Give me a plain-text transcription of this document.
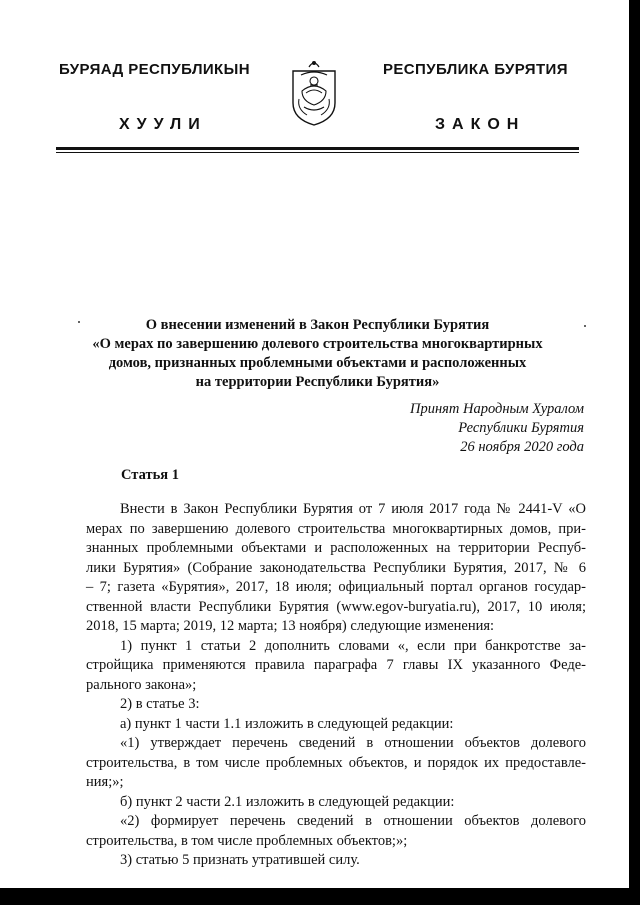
БУРЯАД РЕСПУБЛИКЫН
ХУУЛИ
РЕСПУБЛИКА БУРЯТИЯ
ЗАКОН
О внесении изменений в Закон Республики Бурятия
«О мерах по завершению долевого строительства многоквартирных
домов, признанных проблемными объектами и расположенных
на территории Республики Бурятия»
Принят Народным Хуралом
Республики Бурятия
26 ноября 2020 года
Статья 1
Внести в Закон Республики Бурятия от 7 июля 2017 года № 2441-V «О
мерах по завершению долевого строительства многоквартирных домов, при-
знанных проблемными объектами и расположенных на территории Респуб-
лики Бурятия» (Собрание законодательства Республики Бурятия, 2017, № 6
– 7; газета «Бурятия», 2017, 18 июля; официальный портал органов государ-
ственной власти Республики Бурятия (www.egov-buryatia.ru), 2017, 10 июля;
2018, 15 марта; 2019, 12 марта; 13 ноября) следующие изменения:
1) пункт 1 статьи 2 дополнить словами «, если при банкротстве за-
стройщика применяются правила параграфа 7 главы IX указанного Феде-
рального закона»;
2) в статье 3:
а) пункт 1 части 1.1 изложить в следующей редакции:
«1) утверждает перечень сведений в отношении объектов долевого
строительства, в том числе проблемных объектов, и порядок их предоставле-
ния;»;
б) пункт 2 части 2.1 изложить в следующей редакции:
«2) формирует перечень сведений в отношении объектов долевого
строительства, в том числе проблемных объектов;»;
3) статью 5 признать утратившей силу.
